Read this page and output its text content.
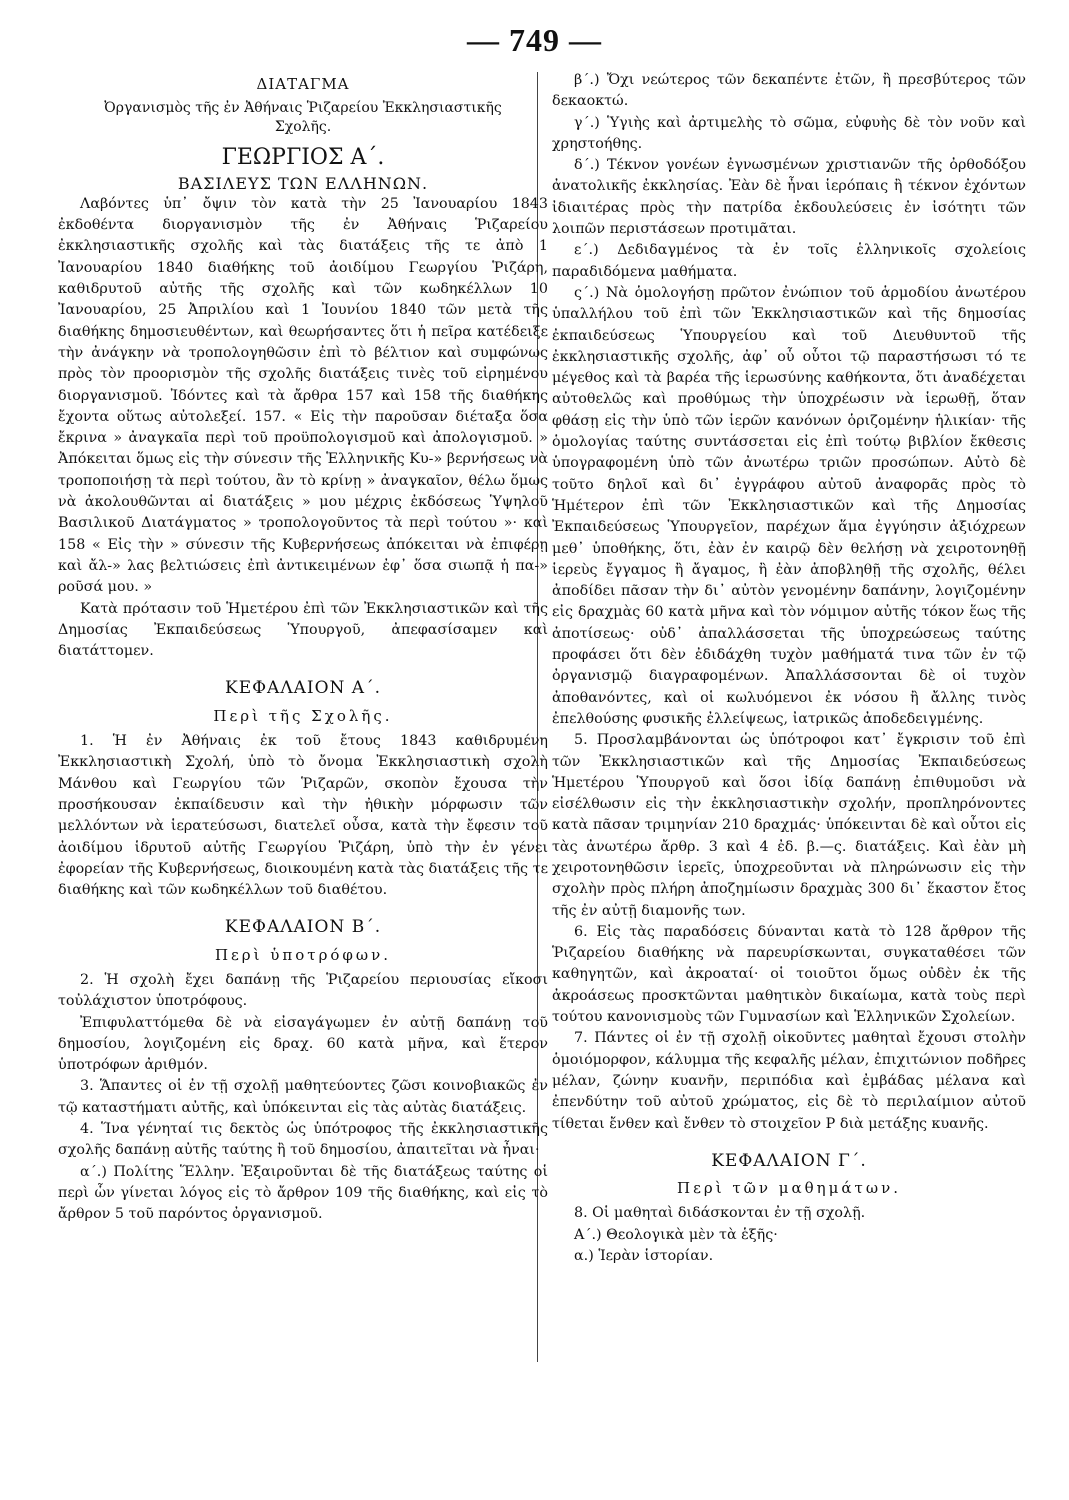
— 749 —

ΔΙΑΤΑΓΜΑ

Ὀργανισμὸς τῆς ἐν Ἀθήναις Ῥιζαρείου Ἐκκλησιαστικῆς Σχολῆς.

ΓΕΩΡΓΙΟΣ Α΄.

ΒΑΣΙΛΕΥΣ ΤΩΝ ΕΛΛΗΝΩΝ.

Λαβόντες ὑπ᾽ ὄψιν τὸν κατὰ τὴν 25 Ἰανουαρίου 1843 ἐκδοθέντα διοργανισμὸν τῆς ἐν Ἀθήναις Ῥιζαρείου ἐκκλησιαστικῆς σχολῆς καὶ τὰς διατάξεις τῆς τε ἀπὸ 1 Ἰανουαρίου 1840 διαθήκης τοῦ ἀοιδίμου Γεωργίου Ῥιζάρη, καθιδρυτοῦ αὐτῆς τῆς σχολῆς καὶ τῶν κωδηκέλλων 10 Ἰανουαρίου, 25 Ἀπριλίου καὶ 1 Ἰουνίου 1840 τῶν μετὰ τῆς διαθήκης δημοσιευθέντων, καὶ θεωρήσαντες ὅτι ἡ πεῖρα κατέδειξε τὴν ἀνάγκην νὰ τροπολογηθῶσιν ἐπὶ τὸ βέλτιον καὶ συμφώνως πρὸς τὸν προορισμὸν τῆς σχολῆς διατάξεις τινὲς τοῦ εἰρημένου διοργανισμοῦ. Ἰδόντες καὶ τὰ ἄρθρα 157 καὶ 158 τῆς διαθήκης ἔχοντα οὕτως αὐτολεξεί. 157. « Εἰς τὴν παροῦσαν διέταξα ὅσα ἔκρινα » ἀναγκαῖα περὶ τοῦ προϋπολογισμοῦ καὶ ἀπολογισμοῦ. » Ἀπόκειται ὅμως εἰς τὴν σύνεσιν τῆς Ἑλληνικῆς Κυ-» βερνήσεως νὰ τροποποιήσῃ τὰ περὶ τούτου, ἂν τὸ κρίνῃ » ἀναγκαῖον, θέλω ὅμως νὰ ἀκολουθῶνται αἱ διατάξεις » μου μέχρις ἐκδόσεως Ὑψηλοῦ Βασιλικοῦ Διατάγματος » τροπολογοῦντος τὰ περὶ τούτου »· καὶ 158 « Εἰς τὴν » σύνεσιν τῆς Κυβερνήσεως ἀπόκειται νὰ ἐπιφέρῃ καὶ ἄλ-» λας βελτιώσεις ἐπὶ ἀντικειμένων ἐφ᾽ ὅσα σιωπᾷ ἡ πα-» ροῦσά μου. »

Κατὰ πρότασιν τοῦ Ἡμετέρου ἐπὶ τῶν Ἐκκλησιαστικῶν καὶ τῆς Δημοσίας Ἐκπαιδεύσεως Ὑπουργοῦ, ἀπεφασίσαμεν καὶ διατάττομεν.

ΚΕΦΑΛΑΙΟΝ Α΄.

Περὶ τῆς Σχολῆς.

1. Ἡ ἐν Ἀθήναις ἐκ τοῦ ἔτους 1843 καθιδρυμένη Ἐκκλησιαστικὴ Σχολή, ὑπὸ τὸ ὄνομα Ἐκκλησιαστικὴ σχολὴ Μάνθου καὶ Γεωργίου τῶν Ῥιζαρῶν, σκοπὸν ἔχουσα τὴν προσήκουσαν ἐκπαίδευσιν καὶ τὴν ἠθικὴν μόρφωσιν τῶν μελλόντων νὰ ἱερατεύσωσι, διατελεῖ οὖσα, κατὰ τὴν ἔφεσιν τοῦ ἀοιδίμου ἱδρυτοῦ αὐτῆς Γεωργίου Ῥιζάρη, ὑπὸ τὴν ἐν γένει ἐφορείαν τῆς Κυβερνήσεως, διοικουμένη κατὰ τὰς διατάξεις τῆς τε διαθήκης καὶ τῶν κωδηκέλλων τοῦ διαθέτου.

ΚΕΦΑΛΑΙΟΝ Β΄.

Περὶ ὑποτρόφων.

2. Ἡ σχολὴ ἔχει δαπάνῃ τῆς Ῥιζαρείου περιουσίας εἴκοσι τοὐλάχιστον ὑποτρόφους.

Ἐπιφυλαττόμεθα δὲ νὰ εἰσαγάγωμεν ἐν αὐτῇ δαπάνῃ τοῦ δημοσίου, λογιζομένη εἰς δραχ. 60 κατὰ μῆνα, καὶ ἕτερον ὑποτρόφων ἀριθμόν.

3. Ἅπαντες οἱ ἐν τῇ σχολῇ μαθητεύοντες ζῶσι κοινοβιακῶς ἐν τῷ καταστήματι αὐτῆς, καὶ ὑπόκεινται εἰς τὰς αὐτὰς διατάξεις.

4. Ἵνα γένηταί τις δεκτὸς ὡς ὑπότροφος τῆς ἐκκλησιαστικῆς σχολῆς δαπάνῃ αὐτῆς ταύτης ἢ τοῦ δημοσίου, ἀπαιτεῖται νὰ ἦναι·

α΄.) Πολίτης Ἕλλην. Ἐξαιροῦνται δὲ τῆς διατάξεως ταύτης οἱ περὶ ὧν γίνεται λόγος εἰς τὸ ἄρθρον 109 τῆς διαθήκης, καὶ εἰς τὸ ἄρθρον 5 τοῦ παρόντος ὀργανισμοῦ.

β΄.) Ὄχι νεώτερος τῶν δεκαπέντε ἐτῶν, ἢ πρεσβύτερος τῶν δεκαοκτώ.

γ΄.) Ὑγιὴς καὶ ἀρτιμελὴς τὸ σῶμα, εὐφυὴς δὲ τὸν νοῦν καὶ χρηστοήθης.

δ΄.) Τέκνον γονέων ἐγνωσμένων χριστιανῶν τῆς ὀρθοδόξου ἀνατολικῆς ἐκκλησίας. Ἐὰν δὲ ἦναι ἱερόπαις ἢ τέκνον ἐχόντων ἰδιαιτέρας πρὸς τὴν πατρίδα ἐκδουλεύσεις ἐν ἰσότητι τῶν λοιπῶν περιστάσεων προτιμᾶται.

ε΄.) Δεδιδαγμένος τὰ ἐν τοῖς ἑλληνικοῖς σχολείοις παραδιδόμενα μαθήματα.

ς΄.) Νὰ ὁμολογήσῃ πρῶτον ἐνώπιον τοῦ ἁρμοδίου ἀνωτέρου ὑπαλλήλου τοῦ ἐπὶ τῶν Ἐκκλησιαστικῶν καὶ τῆς δημοσίας ἐκπαιδεύσεως Ὑπουργείου καὶ τοῦ Διευθυντοῦ τῆς ἐκκλησιαστικῆς σχολῆς, ἀφ᾽ οὗ οὗτοι τῷ παραστήσωσι τό τε μέγεθος καὶ τὰ βαρέα τῆς ἱερωσύνης καθήκοντα, ὅτι ἀναδέχεται αὐτοθελῶς καὶ προθύμως τὴν ὑποχρέωσιν νὰ ἱερωθῇ, ὅταν φθάσῃ εἰς τὴν ὑπὸ τῶν ἱερῶν κανόνων ὁριζομένην ἡλικίαν· τῆς ὁμολογίας ταύτης συντάσσεται εἰς ἐπὶ τούτῳ βιβλίον ἔκθεσις ὑπογραφομένη ὑπὸ τῶν ἀνωτέρω τριῶν προσώπων. Αὐτὸ δὲ τοῦτο δηλοῖ καὶ δι᾽ ἐγγράφου αὐτοῦ ἀναφορᾶς πρὸς τὸ Ἡμέτερον ἐπὶ τῶν Ἐκκλησιαστικῶν καὶ τῆς Δημοσίας Ἐκπαιδεύσεως Ὑπουργεῖον, παρέχων ἅμα ἐγγύησιν ἀξιόχρεων μεθ᾽ ὑποθήκης, ὅτι, ἐὰν ἐν καιρῷ δὲν θελήσῃ νὰ χειροτονηθῇ ἱερεὺς ἔγγαμος ἢ ἄγαμος, ἢ ἐὰν ἀποβληθῇ τῆς σχολῆς, θέλει ἀποδίδει πᾶσαν τὴν δι᾽ αὐτὸν γενομένην δαπάνην, λογιζομένην εἰς δραχμὰς 60 κατὰ μῆνα καὶ τὸν νόμιμον αὐτῆς τόκον ἕως τῆς ἀποτίσεως· οὐδ᾽ ἀπαλλάσσεται τῆς ὑποχρεώσεως ταύτης προφάσει ὅτι δὲν ἐδιδάχθη τυχὸν μαθήματά τινα τῶν ἐν τῷ ὀργανισμῷ διαγραφομένων. Ἀπαλλάσσονται δὲ οἱ τυχὸν ἀποθανόντες, καὶ οἱ κωλυόμενοι ἐκ νόσου ἢ ἄλλης τινὸς ἐπελθούσης φυσικῆς ἐλλείψεως, ἰατρικῶς ἀποδεδειγμένης.

5. Προσλαμβάνονται ὡς ὑπότροφοι κατ᾽ ἔγκρισιν τοῦ ἐπὶ τῶν Ἐκκλησιαστικῶν καὶ τῆς Δημοσίας Ἐκπαιδεύσεως Ἡμετέρου Ὑπουργοῦ καὶ ὅσοι ἰδίᾳ δαπάνῃ ἐπιθυμοῦσι νὰ εἰσέλθωσιν εἰς τὴν ἐκκλησιαστικὴν σχολήν, προπληρόνοντες κατὰ πᾶσαν τριμηνίαν 210 δραχμάς· ὑπόκεινται δὲ καὶ οὗτοι εἰς τὰς ἀνωτέρω ἄρθρ. 3 καὶ 4 ἐδ. β.—ς. διατάξεις. Καὶ ἐὰν μὴ χειροτονηθῶσιν ἱερεῖς, ὑποχρεοῦνται νὰ πληρώνωσιν εἰς τὴν σχολὴν πρὸς πλήρη ἀποζημίωσιν δραχμὰς 300 δι᾽ ἕκαστον ἔτος τῆς ἐν αὐτῇ διαμονῆς των.

6. Εἰς τὰς παραδόσεις δύνανται κατὰ τὸ 128 ἄρθρον τῆς Ῥιζαρείου διαθήκης νὰ παρευρίσκωνται, συγκαταθέσει τῶν καθηγητῶν, καὶ ἀκροαταί· οἱ τοιοῦτοι ὅμως οὐδὲν ἐκ τῆς ἀκροάσεως προσκτῶνται μαθητικὸν δικαίωμα, κατὰ τοὺς περὶ τούτου κανονισμοὺς τῶν Γυμνασίων καὶ Ἑλληνικῶν Σχολείων.

7. Πάντες οἱ ἐν τῇ σχολῇ οἰκοῦντες μαθηταὶ ἔχουσι στολὴν ὁμοιόμορφον, κάλυμμα τῆς κεφαλῆς μέλαν, ἐπιχιτώνιον ποδῆρες μέλαν, ζώνην κυανῆν, περιπόδια καὶ ἐμβάδας μέλανα καὶ ἐπενδύτην τοῦ αὐτοῦ χρώματος, εἰς δὲ τὸ περιλαίμιον αὐτοῦ τίθεται ἔνθεν καὶ ἔνθεν τὸ στοιχεῖον Ρ διὰ μετάξης κυανῆς.

ΚΕΦΑΛΑΙΟΝ Γ΄.

Περὶ τῶν μαθημάτων.

8. Οἱ μαθηταὶ διδάσκονται ἐν τῇ σχολῇ.

Α΄.) Θεολογικὰ μὲν τὰ ἑξῆς·

α.) Ἱερὰν ἱστορίαν.
